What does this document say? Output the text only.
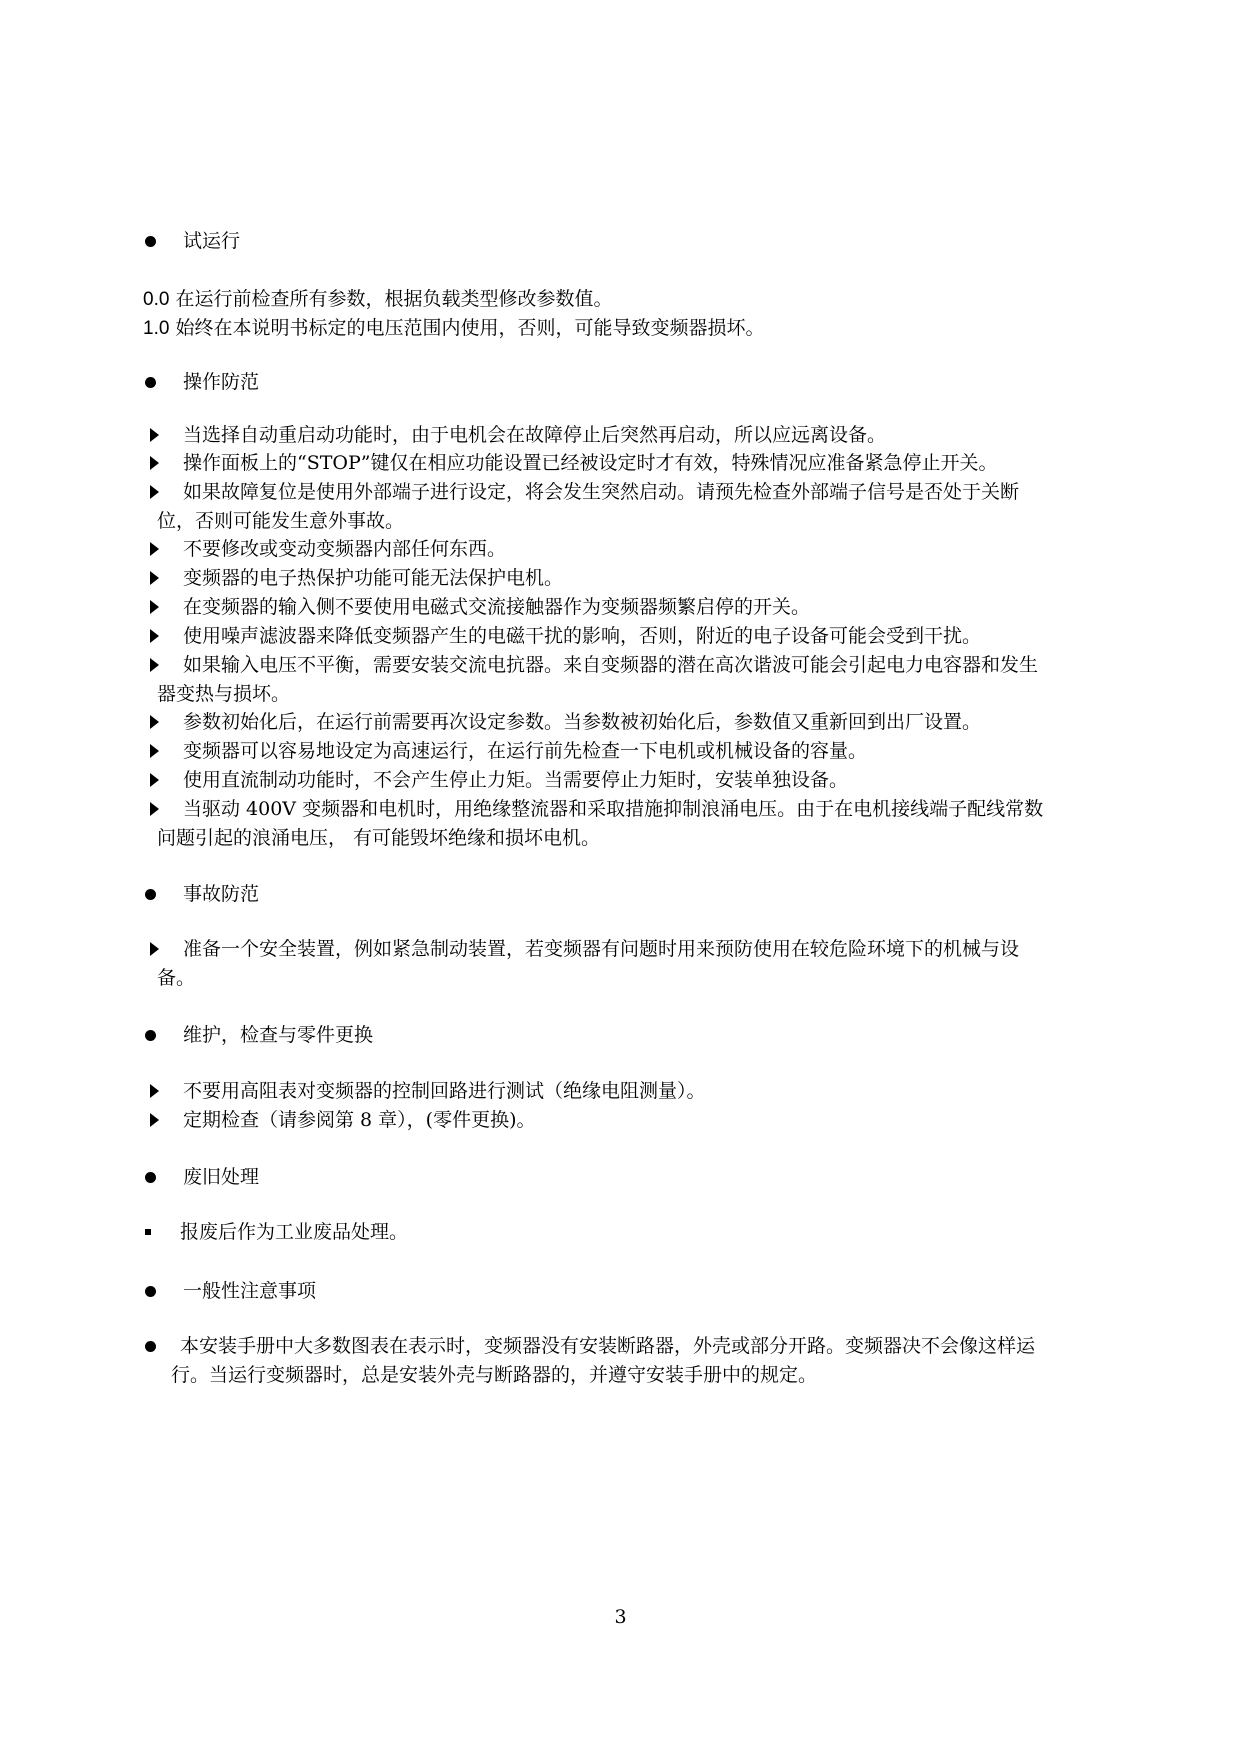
试运行
0.0 在运行前检查所有参数，根据负载类型修改参数值。
1.0 始终在本说明书标定的电压范围内使用，否则，可能导致变频器损坏。
操作防范
当选择自动重启动功能时，由于电机会在故障停止后突然再启动，所以应远离设备。
操作面板上的“STOP”键仅在相应功能设置已经被设定时才有效，特殊情况应准备紧急停止开关。
如果故障复位是使用外部端子进行设定，将会发生突然启动。请预先检查外部端子信号是否处于关断
位，否则可能发生意外事故。
不要修改或变动变频器内部任何东西。
变频器的电子热保护功能可能无法保护电机。
在变频器的输入侧不要使用电磁式交流接触器作为变频器频繁启停的开关。
使用噪声滤波器来降低变频器产生的电磁干扰的影响，否则，附近的电子设备可能会受到干扰。
如果输入电压不平衡，需要安装交流电抗器。来自变频器的潜在高次谐波可能会引起电力电容器和发生
器变热与损坏。
参数初始化后，在运行前需要再次设定参数。当参数被初始化后，参数值又重新回到出厂设置。
变频器可以容易地设定为高速运行，在运行前先检查一下电机或机械设备的容量。
使用直流制动功能时，不会产生停止力矩。当需要停止力矩时，安装单独设备。
当驱动 400V 变频器和电机时，用绝缘整流器和采取措施抑制浪涌电压。由于在电机接线端子配线常数
问题引起的浪涌电压， 有可能毁坏绝缘和损坏电机。
事故防范
准备一个安全装置，例如紧急制动装置，若变频器有问题时用来预防使用在较危险环境下的机械与设
备。
维护，检查与零件更换
不要用高阻表对变频器的控制回路进行测试（绝缘电阻测量）。
定期检查（请参阅第 8 章），(零件更换)。
废旧处理
报废后作为工业废品处理。
一般性注意事项
本安装手册中大多数图表在表示时，变频器没有安装断路器，外壳或部分开路。变频器决不会像这样运
行。当运行变频器时，总是安装外壳与断路器的，并遵守安装手册中的规定。
3
